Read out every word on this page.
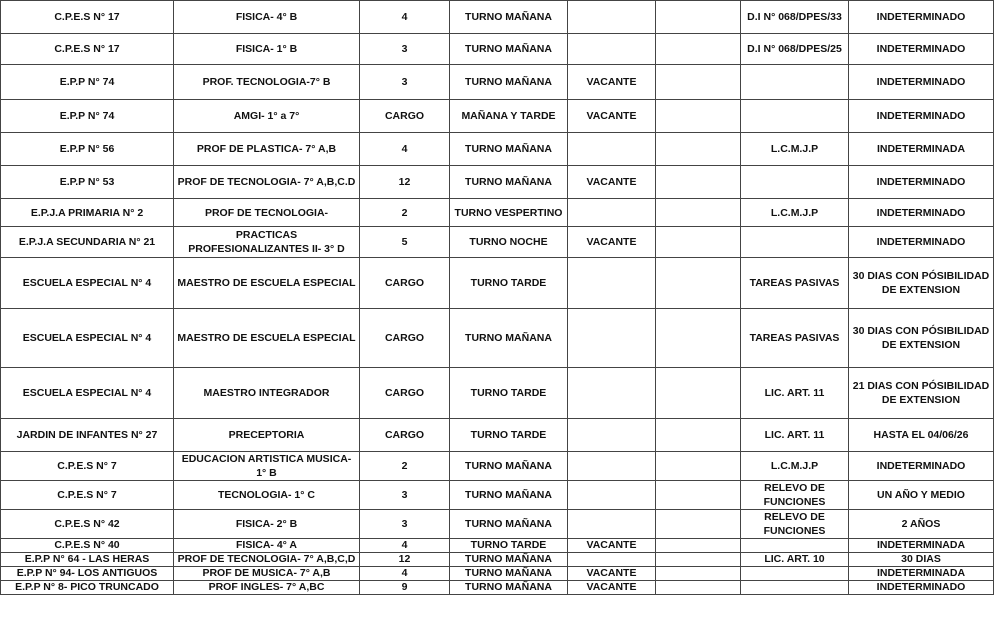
C.P.E.S N° 17	FISICA- 4° B	4	TURNO MAÑANA			D.I N° 068/DPES/33	INDETERMINADO
C.P.E.S N° 17	FISICA- 1° B	3	TURNO MAÑANA			D.I N° 068/DPES/25	INDETERMINADO
E.P.P N° 74	PROF. TECNOLOGIA-7° B	3	TURNO MAÑANA	VACANTE			INDETERMINADO
E.P.P N° 74	AMGI- 1° a 7°	CARGO	MAÑANA Y TARDE	VACANTE			INDETERMINADO
E.P.P N° 56	PROF DE PLASTICA- 7° A,B	4	TURNO MAÑANA			L.C.M.J.P	INDETERMINADA
E.P.P N° 53	PROF DE TECNOLOGIA- 7° A,B,C.D	12	TURNO MAÑANA	VACANTE			INDETERMINADO
E.P.J.A PRIMARIA N° 2	PROF DE TECNOLOGIA-	2	TURNO VESPERTINO			L.C.M.J.P	INDETERMINADO
E.P.J.A SECUNDARIA N° 21	PRACTICAS PROFESIONALIZANTES II- 3° D	5	TURNO NOCHE	VACANTE			INDETERMINADO
ESCUELA ESPECIAL N° 4	MAESTRO DE ESCUELA ESPECIAL	CARGO	TURNO TARDE			TAREAS PASIVAS	30 DIAS CON PÓSIBILIDAD DE EXTENSION
ESCUELA ESPECIAL N° 4	MAESTRO DE ESCUELA ESPECIAL	CARGO	TURNO MAÑANA			TAREAS PASIVAS	30 DIAS CON PÓSIBILIDAD DE EXTENSION
ESCUELA ESPECIAL N° 4	MAESTRO INTEGRADOR	CARGO	TURNO TARDE			LIC. ART. 11	21 DIAS CON PÓSIBILIDAD DE EXTENSION
JARDIN DE INFANTES N° 27	PRECEPTORIA	CARGO	TURNO TARDE			LIC. ART. 11	HASTA EL 04/06/26
C.P.E.S N° 7	EDUCACION ARTISTICA MUSICA- 1° B	2	TURNO MAÑANA			L.C.M.J.P	INDETERMINADO
C.P.E.S N° 7	TECNOLOGIA- 1° C	3	TURNO MAÑANA			RELEVO DE FUNCIONES	UN AÑO Y MEDIO
C.P.E.S N° 42	FISICA- 2° B	3	TURNO MAÑANA			RELEVO DE FUNCIONES	2 AÑOS
C.P.E.S N° 40	FISICA- 4° A	4	TURNO TARDE	VACANTE			INDETERMINADA
E.P.P N° 64 - LAS HERAS	PROF DE TECNOLOGIA- 7° A,B,C,D	12	TURNO MAÑANA			LIC. ART. 10	30 DIAS
E.P.P N° 94- LOS ANTIGUOS	PROF DE MUSICA- 7° A,B	4	TURNO MAÑANA	VACANTE			INDETERMINADA
E.P.P N° 8- PICO TRUNCADO	PROF INGLES- 7° A,BC	9	TURNO MAÑANA	VACANTE			INDETERMINADO
